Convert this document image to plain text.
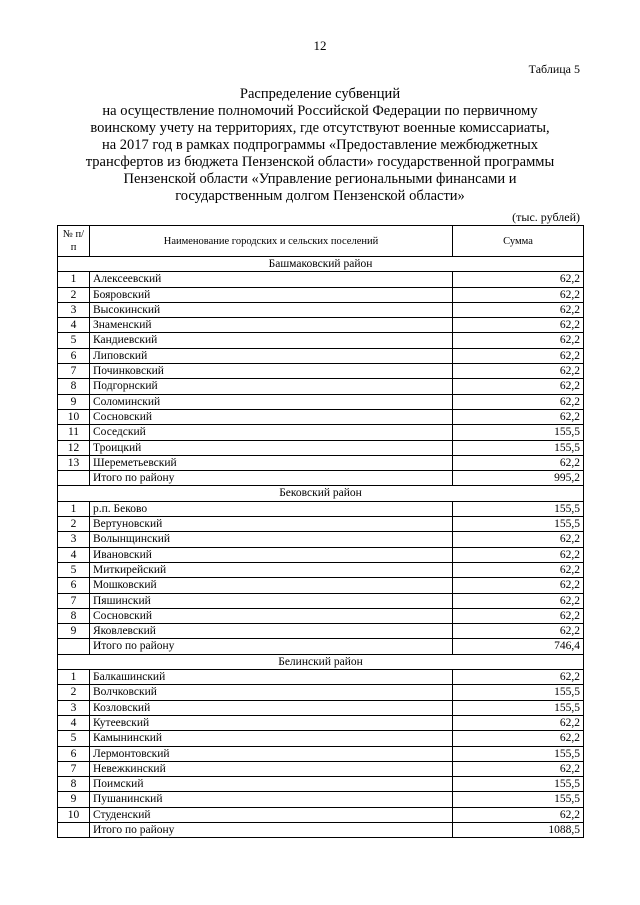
12
Таблица 5
Распределение субвенций
на осуществление полномочий Российской Федерации по первичному
воинскому учету на территориях, где отсутствуют военные комиссариаты,
на 2017 год в рамках подпрограммы «Предоставление межбюджетных
трансфертов из бюджета Пензенской области» государственной программы
Пензенской области «Управление региональными финансами и
государственным долгом Пензенской области»
(тыс. рублей)
№ п/п	Наименование городских и сельских поселений	Сумма
Башмаковский район		
1	Алексеевский	62,2
2	Бояровский	62,2
3	Высокинский	62,2
4	Знаменский	62,2
5	Кандиевский	62,2
6	Липовский	62,2
7	Починковский	62,2
8	Подгорнский	62,2
9	Соломинский	62,2
10	Сосновский	62,2
11	Соседский	155,5
12	Троицкий	155,5
13	Шереметьевский	62,2
	Итого по району	995,2
Бековский район		
1	р.п. Беково	155,5
2	Вертуновский	155,5
3	Волынщинский	62,2
4	Ивановский	62,2
5	Миткирейский	62,2
6	Мошковский	62,2
7	Пяшинский	62,2
8	Сосновский	62,2
9	Яковлевский	62,2
	Итого по району	746,4
Белинский район		
1	Балкашинский	62,2
2	Волчковский	155,5
3	Козловский	155,5
4	Кутеевский	62,2
5	Камынинский	62,2
6	Лермонтовский	155,5
7	Невежкинский	62,2
8	Поимский	155,5
9	Пушанинский	155,5
10	Студенский	62,2
	Итого по району	1088,5
